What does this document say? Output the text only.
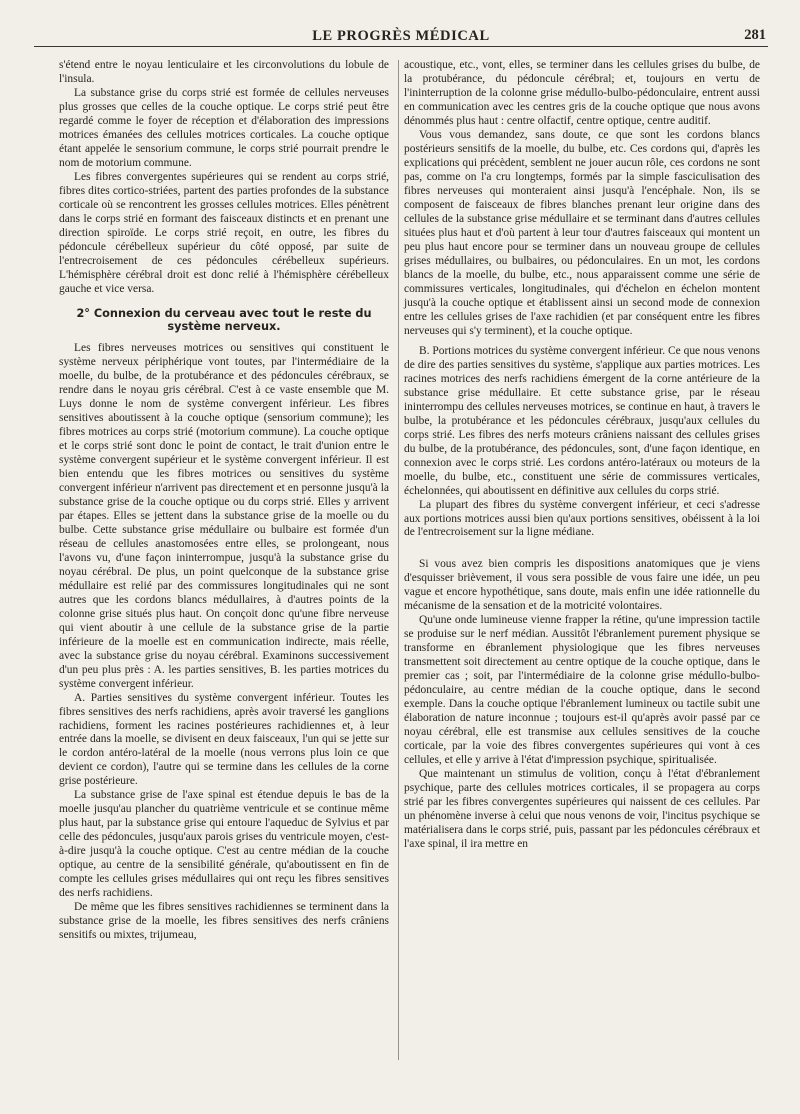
LE PROGRÈS MÉDICAL	281

s'étend entre le noyau lenticulaire et les circonvolutions du lobule de l'insula.

La substance grise du corps strié est formée de cellules nerveuses plus grosses que celles de la couche optique. Le corps strié peut être regardé comme le foyer de réception et d'élaboration des impressions motrices émanées des cellules motrices corticales. La couche optique étant appelée le sensorium commune, le corps strié pourrait prendre le nom de motorium commune.

Les fibres convergentes supérieures qui se rendent au corps strié, fibres dites cortico-striées, partent des parties profondes de la substance corticale où se rencontrent les grosses cellules motrices. Elles pénètrent dans le corps strié en formant des faisceaux distincts et en prenant une direction spiroïde. Le corps strié reçoit, en outre, les fibres du pédoncule cérébelleux supérieur du côté opposé, par suite de l'entrecroisement de ces pédoncules cérébelleux supérieurs. L'hémisphère cérébral droit est donc relié à l'hémisphère cérébelleux gauche et vice versa.

2° Connexion du cerveau avec tout le reste du système nerveux.

Les fibres nerveuses motrices ou sensitives qui constituent le système nerveux périphérique vont toutes, par l'intermédiaire de la moelle, du bulbe, de la protubérance et des pédoncules cérébraux, se rendre dans le noyau gris cérébral. C'est à ce vaste ensemble que M. Luys donne le nom de système convergent inférieur. Les fibres sensitives aboutissent à la couche optique (sensorium commune); les fibres motrices au corps strié (motorium commune). La couche optique et le corps strié sont donc le point de contact, le trait d'union entre le système convergent supérieur et le système convergent inférieur. Il est bien entendu que les fibres motrices ou sensitives du système convergent inférieur n'arrivent pas directement et en personne jusqu'à la substance grise de la couche optique ou du corps strié. Elles y arrivent par étapes. Elles se jettent dans la substance grise de la moelle ou du bulbe. Cette substance grise médullaire ou bulbaire est formée d'un réseau de cellules anastomosées entre elles, se prolongeant, nous l'avons vu, d'une façon ininterrompue, jusqu'à la substance grise du noyau cérébral. De plus, un point quelconque de la substance grise médullaire est relié par des commissures longitudinales qui ne sont autres que les cordons blancs médullaires, à d'autres points de la colonne grise situés plus haut. On conçoit donc qu'une fibre nerveuse qui vient aboutir à une cellule de la substance grise de la partie inférieure de la moelle est en communication indirecte, mais réelle, avec la substance grise du noyau cérébral. Examinons successivement d'un peu plus près : A. les parties sensitives, B. les parties motrices du système convergent inférieur.

A. Parties sensitives du système convergent inférieur. Toutes les fibres sensitives des nerfs rachidiens, après avoir traversé les ganglions rachidiens, forment les racines postérieures rachidiennes et, à leur entrée dans la moelle, se divisent en deux faisceaux, l'un qui se jette sur le cordon antéro-latéral de la moelle (nous verrons plus loin ce que devient ce cordon), l'autre qui se termine dans les cellules de la corne grise postérieure.

La substance grise de l'axe spinal est étendue depuis le bas de la moelle jusqu'au plancher du quatrième ventricule et se continue même plus haut, par la substance grise qui entoure l'aqueduc de Sylvius et par celle des pédoncules, jusqu'aux parois grises du ventricule moyen, c'est-à-dire jusqu'à la couche optique. C'est au centre médian de la couche optique, au centre de la sensibilité générale, qu'aboutissent en fin de compte les cellules grises médullaires qui ont reçu les fibres sensitives des nerfs rachidiens.

De même que les fibres sensitives rachidiennes se terminent dans la substance grise de la moelle, les fibres sensitives des nerfs crâniens sensitifs ou mixtes, trijumeau,

acoustique, etc., vont, elles, se terminer dans les cellules grises du bulbe, de la protubérance, du pédoncule cérébral; et, toujours en vertu de l'ininterruption de la colonne grise médullo-bulbo-pédonculaire, entrent aussi en communication avec les centres gris de la couche optique que nous avons dénommés plus haut : centre olfactif, centre optique, centre auditif.

Vous vous demandez, sans doute, ce que sont les cordons blancs postérieurs sensitifs de la moelle, du bulbe, etc. Ces cordons qui, d'après les explications qui précèdent, semblent ne jouer aucun rôle, ces cordons ne sont pas, comme on l'a cru longtemps, formés par la simple fasciculisation des fibres nerveuses qui monteraient ainsi jusqu'à l'encéphale. Non, ils se composent de faisceaux de fibres blanches prenant leur origine dans des cellules de la substance grise médullaire et se terminant dans d'autres cellules situées plus haut et d'où partent à leur tour d'autres faisceaux qui montent un peu plus haut encore pour se terminer dans un nouveau groupe de cellules grises médullaires, ou bulbaires, ou pédonculaires. En un mot, les cordons blancs de la moelle, du bulbe, etc., nous apparaissent comme une série de commissures verticales, longitudinales, qui d'échelon en échelon montent jusqu'à la couche optique et établissent ainsi un second mode de connexion entre les cellules grises de l'axe rachidien (et par conséquent entre les fibres nerveuses qui s'y terminent), et la couche optique.

B. Portions motrices du système convergent inférieur. Ce que nous venons de dire des parties sensitives du système, s'applique aux parties motrices. Les racines motrices des nerfs rachidiens émergent de la corne antérieure de la substance grise médullaire. Et cette substance grise, par le réseau ininterrompu des cellules nerveuses motrices, se continue en haut, à travers le bulbe, la protubérance et les pédoncules cérébraux, jusqu'aux cellules du corps strié. Les fibres des nerfs moteurs crâniens naissant des cellules grises du bulbe, de la protubérance, des pédoncules, sont, d'une façon identique, en connexion avec le corps strié. Les cordons antéro-latéraux ou moteurs de la moelle, du bulbe, etc., constituent une série de commissures verticales, échelonnées, qui aboutissent en définitive aux cellules du corps strié.

La plupart des fibres du système convergent inférieur, et ceci s'adresse aux portions motrices aussi bien qu'aux portions sensitives, obéissent à la loi de l'entrecroisement sur la ligne médiane.

Si vous avez bien compris les dispositions anatomiques que je viens d'esquisser brièvement, il vous sera possible de vous faire une idée, un peu vague et encore hypothétique, sans doute, mais enfin une idée rationnelle du mécanisme de la sensation et de la motricité volontaires.

Qu'une onde lumineuse vienne frapper la rétine, qu'une impression tactile se produise sur le nerf médian. Aussitôt l'ébranlement purement physique se transforme en ébranlement physiologique que les fibres nerveuses transmettent soit directement au centre optique de la couche optique, dans le premier cas ; soit, par l'intermédiaire de la colonne grise médullo-bulbo-pédonculaire, au centre médian de la couche optique, dans le second exemple. Dans la couche optique l'ébranlement lumineux ou tactile subit une élaboration de nature inconnue ; toujours est-il qu'après avoir passé par ce noyau cérébral, elle est transmise aux cellules sensitives de la couche corticale, par la voie des fibres convergentes supérieures qui vont à ces cellules, et elle y arrive à l'état d'impression psychique, spiritualisée.

Que maintenant un stimulus de volition, conçu à l'état d'ébranlement psychique, parte des cellules motrices corticales, il se propagera au corps strié par les fibres convergentes supérieures qui naissent de ces cellules. Par un phénomène inverse à celui que nous venons de voir, l'incitus psychique se matérialisera dans le corps strié, puis, passant par les pédoncules cérébraux et l'axe spinal, il ira mettre en
